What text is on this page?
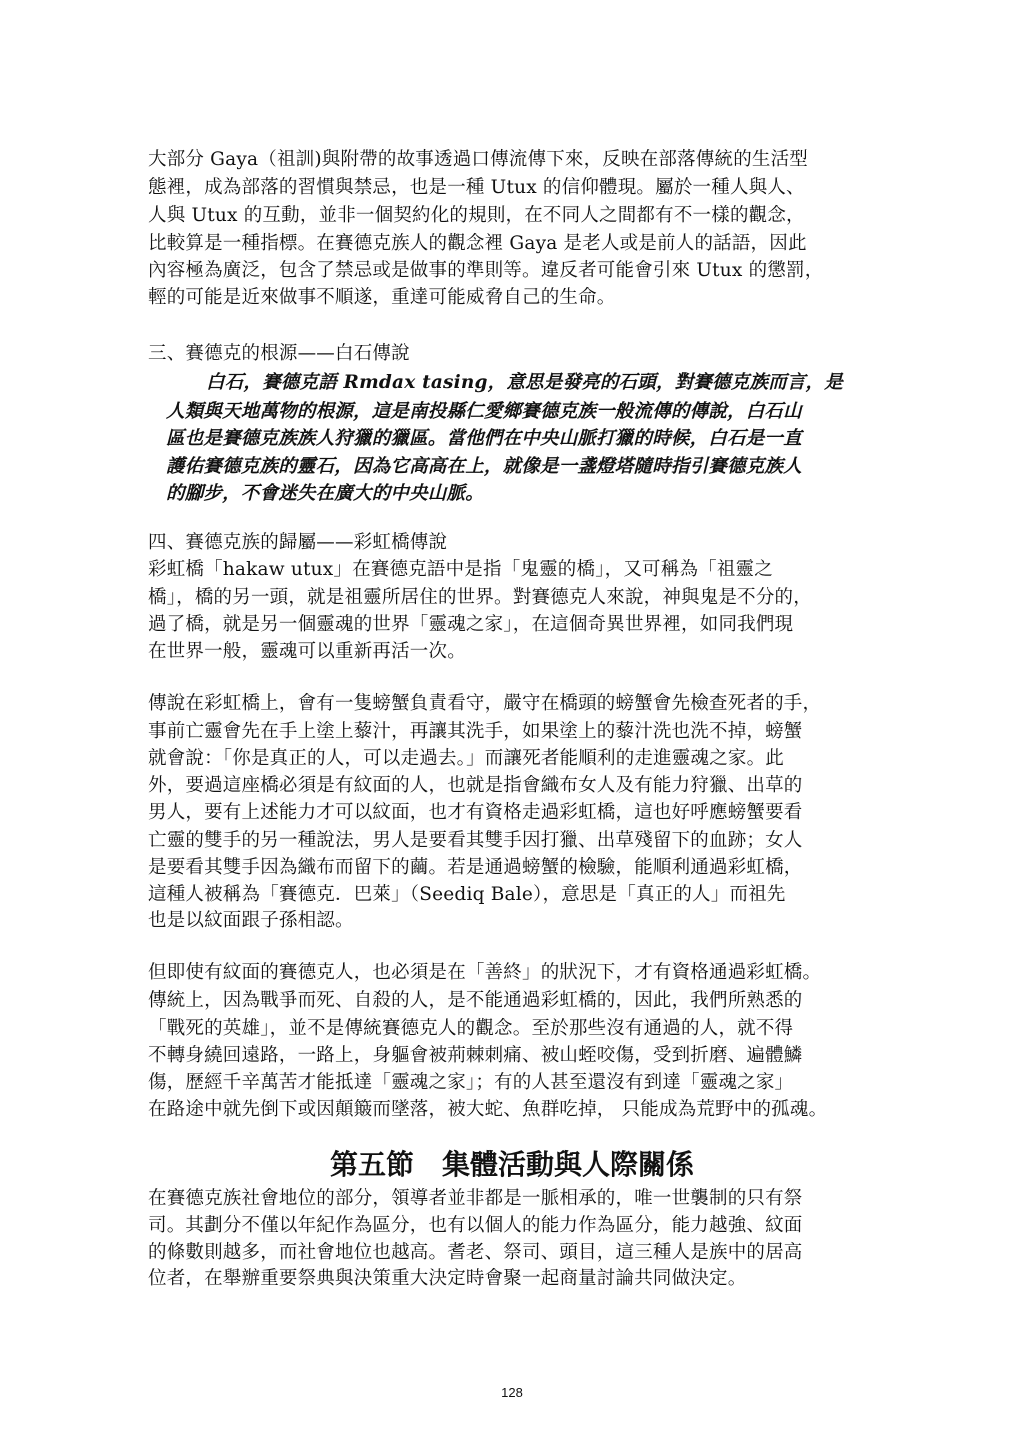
大部分 Gaya（祖訓)與附帶的故事透過口傳流傳下來，反映在部落傳統的生活型
態裡，成為部落的習慣與禁忌，也是一種 Utux 的信仰體現。屬於一種人與人、
人與 Utux 的互動，並非一個契約化的規則，在不同人之間都有不一樣的觀念，
比較算是一種指標。在賽德克族人的觀念裡 Gaya 是老人或是前人的話語，因此
內容極為廣泛，包含了禁忌或是做事的準則等。違反者可能會引來 Utux 的懲罰，
輕的可能是近來做事不順遂，重達可能威脅自己的生命。
三、賽德克的根源——白石傳說
白石，賽德克語 Rmdax tasing，意思是發亮的石頭，對賽德克族而言，是
人類與天地萬物的根源，這是南投縣仁愛鄉賽德克族一般流傳的傳說，白石山
區也是賽德克族族人狩獵的獵區。當他們在中央山脈打獵的時候，白石是一直
護佑賽德克族的靈石，因為它高高在上，就像是一盞燈塔隨時指引賽德克族人
的腳步，不會迷失在廣大的中央山脈。
四、賽德克族的歸屬——彩虹橋傳說
彩虹橋「hakaw utux」在賽德克語中是指「鬼靈的橋」，又可稱為「祖靈之
橋」，橋的另一頭，就是祖靈所居住的世界。對賽德克人來說，神與鬼是不分的，
過了橋，就是另一個靈魂的世界「靈魂之家」，在這個奇異世界裡，如同我們現
在世界一般，靈魂可以重新再活一次。
傳說在彩虹橋上，會有一隻螃蟹負責看守，嚴守在橋頭的螃蟹會先檢查死者的手，
事前亡靈會先在手上塗上藜汁，再讓其洗手，如果塗上的藜汁洗也洗不掉，螃蟹
就會說：「你是真正的人，可以走過去。」而讓死者能順利的走進靈魂之家。此
外，要過這座橋必須是有紋面的人，也就是指會織布女人及有能力狩獵、出草的
男人，要有上述能力才可以紋面，也才有資格走過彩虹橋，這也好呼應螃蟹要看
亡靈的雙手的另一種說法，男人是要看其雙手因打獵、出草殘留下的血跡；女人
是要看其雙手因為織布而留下的繭。若是通過螃蟹的檢驗，能順利通過彩虹橋，
這種人被稱為「賽德克．巴萊」（Seediq Bale），意思是「真正的人」而祖先
也是以紋面跟子孫相認。
但即使有紋面的賽德克人，也必須是在「善終」的狀況下，才有資格通過彩虹橋。
傳統上，因為戰爭而死、自殺的人，是不能通過彩虹橋的，因此，我們所熟悉的
「戰死的英雄」，並不是傳統賽德克人的觀念。至於那些沒有通過的人，就不得
不轉身繞回遠路，一路上，身軀會被荊棘刺痛、被山蛭咬傷，受到折磨、遍體鱗
傷，歷經千辛萬苦才能抵達「靈魂之家」；有的人甚至還沒有到達「靈魂之家」
在路途中就先倒下或因顛簸而墜落，被大蛇、魚群吃掉， 只能成為荒野中的孤魂。
第五節　集體活動與人際關係
在賽德克族社會地位的部分，領導者並非都是一脈相承的，唯一世襲制的只有祭
司。其劃分不僅以年紀作為區分，也有以個人的能力作為區分，能力越強、紋面
的條數則越多，而社會地位也越高。耆老、祭司、頭目，這三種人是族中的居高
位者，在舉辦重要祭典與決策重大決定時會聚一起商量討論共同做決定。
128
